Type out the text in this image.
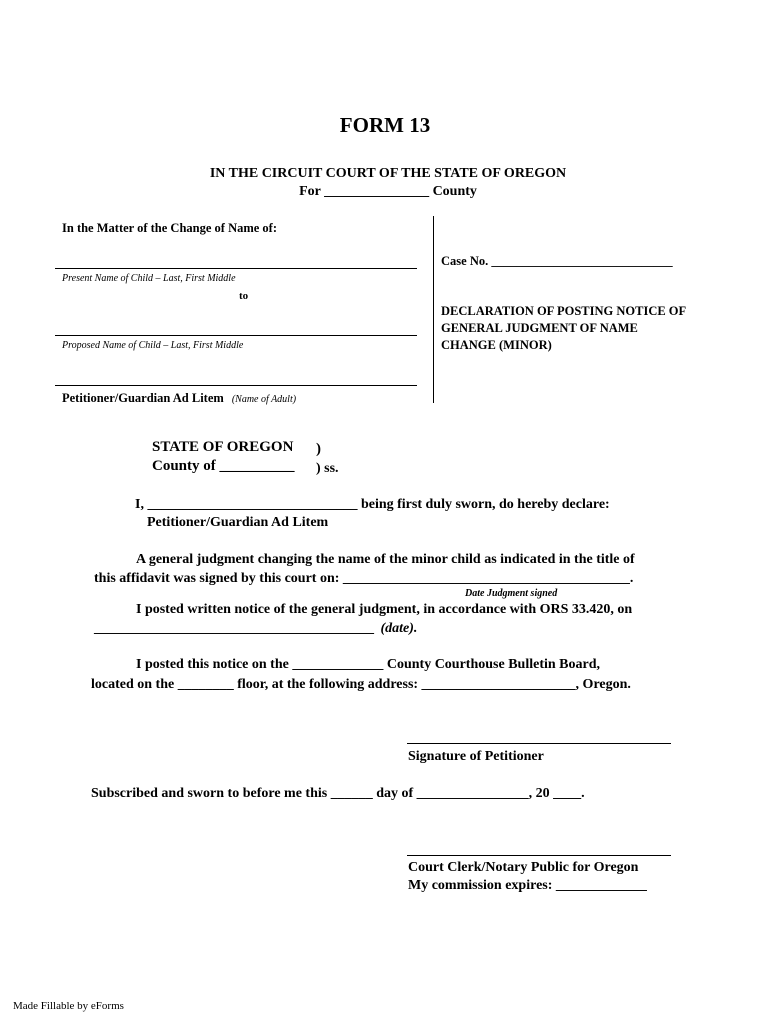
FORM 13
IN THE CIRCUIT COURT OF THE STATE OF OREGON
For _______________ County
In the Matter of the Change of Name of:
Present Name of Child – Last, First Middle
to
Proposed Name of Child – Last, First Middle
Petitioner/Guardian Ad Litem (Name of Adult)
Case No. _____________________________
DECLARATION OF POSTING NOTICE OF
GENERAL JUDGMENT OF NAME
CHANGE (MINOR)
STATE OF OREGON )
County of __________ ) ss.
I, ______________________________ being first duly sworn, do hereby declare:
Petitioner/Guardian Ad Litem
A general judgment changing the name of the minor child as indicated in the title of
this affidavit was signed by this court on: _________________________________________.
Date Judgment signed
I posted written notice of the general judgment, in accordance with ORS 33.420, on
________________________________________ (date).
I posted this notice on the _____________ County Courthouse Bulletin Board,
located on the ________ floor, at the following address: ______________________, Oregon.
Signature of Petitioner
Subscribed and sworn to before me this ______ day of ________________, 20 ____.
Court Clerk/Notary Public for Oregon
My commission expires: _____________
Made Fillable by eForms
